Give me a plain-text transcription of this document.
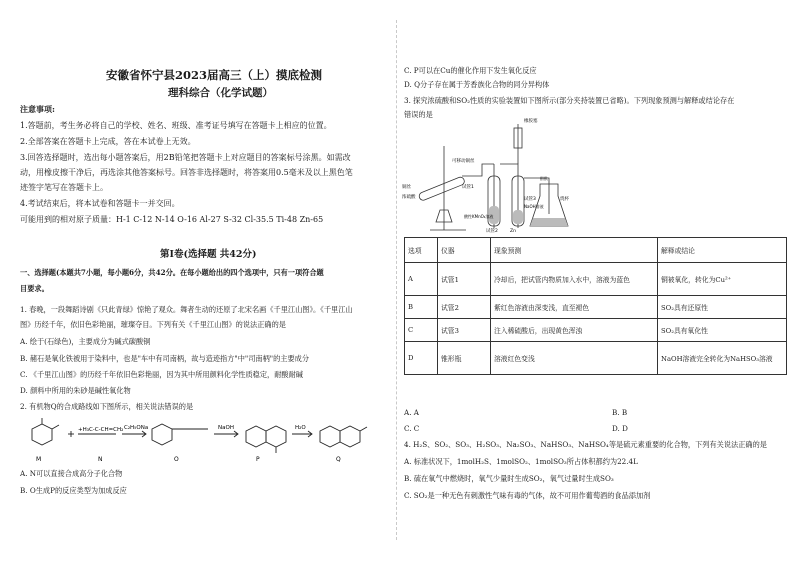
安徽省怀宁县2023届高三（上）摸底检测
理科综合（化学试题）
注意事项:
1.答题前，考生务必将自己的学校、姓名、班级、准考证号填写在答题卡上相应的位置。
2.全部答案在答题卡上完成，答在本试卷上无效。
3.回答选择题时，选出每小题答案后，用2B铅笔把答题卡上对应题目的答案标号涂黑。如需改
动，用橡皮擦干净后，再选涂其他答案标号。回答非选择题时，将答案用0.5毫米及以上黑色笔
迹签字笔写在答题卡上。
4.考试结束后，将本试卷和答题卡一并交回。
可能用到的相对原子质量：H-1 C-12 N-14 O-16 Al-27 S-32 Cl-35.5 Ti-48 Zn-65
第Ⅰ卷(选择题 共42分)
一、选择题(本题共7小题，每小题6分，共42分。在每小题给出的四个选项中，只有一项符合题
目要求。
1. 春晚，一段舞蹈诗剧《只此青绿》惊艳了观众。舞者生动的还原了北宋名画《千里江山图》。《千里江山
图》历经千年，依旧色彩艳丽，璀璨夺目。下列有关《千里江山图》的说法正确的是
A. 绘于(石绿色)，主要成分为碱式碳酸铜
B. 赭石是氧化铁被用于染料中，也是"车中有司南柄，故与造迹指方"中"司南柄"的主要成分
C. 《千里江山图》的历经千年依旧色彩艳丽，因为其中所用颜料化学性质稳定，耐酸耐碱
D. 颜料中所用的朱砂是碱性氧化物
2. 有机物Q的合成路线如下图所示，相关说法错误的是
+H₃C-C-CH=CH₂ C₂H₅ONa	NaOH	H₂O
M	N	O	P	Q
A. N可以直接合成高分子化合物
B. O生成P的反应类型为加成反应
C. P可以在Cu的催化作用下发生氧化反应
D. Q分子存在属于芳香族化合物的同分异构体
3. 探究浓硫酸和SO₂性质的实验装置如下图所示(部分夹持装置已省略)。下列现象预测与解释或结论存在
错误的是
铜丝
浓硫酸
可移动铜丝
试管1
酸性KMnO₄溶液
试管2	Zn
试管3
NaOH溶液
橡胶塞
烧杯
酚酞
选项	仪器	现象预测	解释或结论
A	试管1	冷却后，把试管内物质加入水中，溶液为蓝色	铜被氧化，转化为Cu²⁺
B	试管2	紫红色溶液由深变浅，直至褪色	SO₂具有还原性
C	试管3	注入稀硫酸后，出现黄色浑浊	SO₂具有氧化性
D	锥形瓶	溶液红色变浅	NaOH溶液完全转化为NaHSO₃溶液
A. A	B. B
C. C	D. D
4. H₂S、SO₂、SO₃、H₂SO₃、Na₂SO₃、NaHSO₃、NaHSO₄等是硫元素重要的化合物，下列有关说法正确的是
A. 标准状况下，1molH₂S、1molSO₂、1molSO₃所占体积都约为22.4L
B. 硫在氧气中燃烧时，氧气少量时生成SO₂，氧气过量时生成SO₃
C. SO₂是一种无色有刺激性气味有毒的气体，故不可用作葡萄酒的食品添加剂
